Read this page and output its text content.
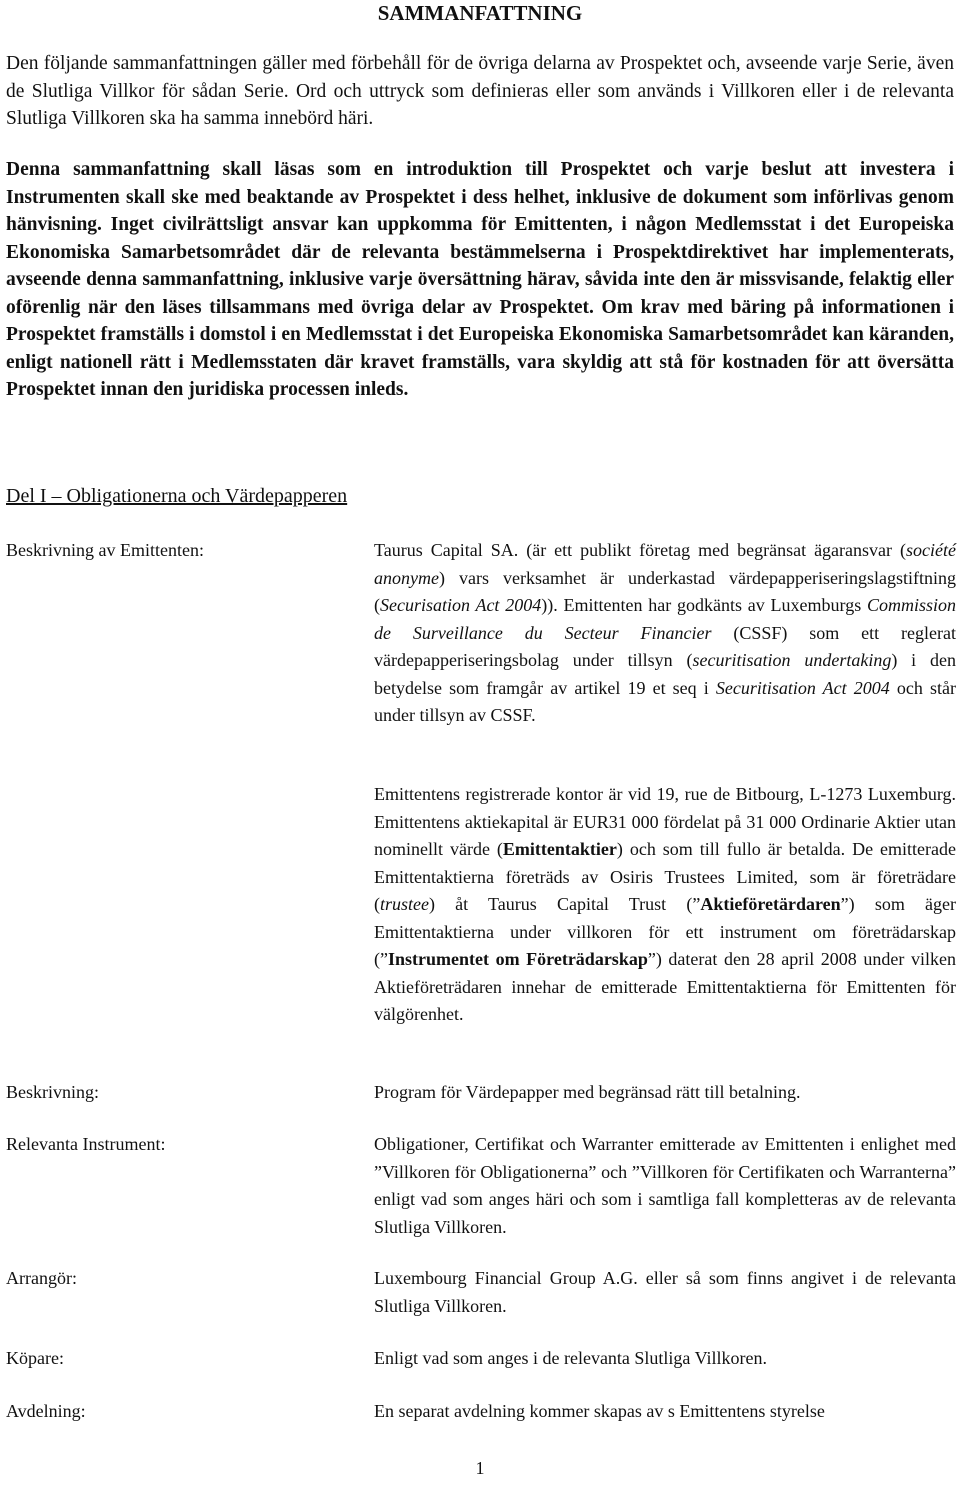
SAMMANFATTNING

Den följande sammanfattningen gäller med förbehåll för de övriga delarna av Prospektet och, avseende varje Serie, även de Slutliga Villkor för sådan Serie. Ord och uttryck som definieras eller som används i Villkoren eller i de relevanta Slutliga Villkoren ska ha samma innebörd häri.

Denna sammanfattning skall läsas som en introduktion till Prospektet och varje beslut att investera i Instrumenten skall ske med beaktande av Prospektet i dess helhet, inklusive de dokument som införlivas genom hänvisning. Inget civilrättsligt ansvar kan uppkomma för Emittenten, i någon Medlemsstat i det Europeiska Ekonomiska Samarbetsområdet där de relevanta bestämmelserna i Prospektdirektivet har implementerats, avseende denna sammanfattning, inklusive varje översättning härav, såvida inte den är missvisande, felaktig eller oförenlig när den läses tillsammans med övriga delar av Prospektet. Om krav med bäring på informationen i Prospektet framställs i domstol i en Medlemsstat i det Europeiska Ekonomiska Samarbetsområdet kan käranden, enligt nationell rätt i Medlemsstaten där kravet framställs, vara skyldig att stå för kostnaden för att översätta Prospektet innan den juridiska processen inleds.

Del I – Obligationerna och Värdepapperen

Beskrivning av Emittenten:	Taurus Capital SA. (är ett publikt företag med begränsat ägaransvar (société anonyme) vars verksamhet är underkastad värdepapperiseringslagstiftning (Securisation Act 2004)). Emittenten har godkänts av Luxemburgs Commission de Surveillance du Secteur Financier (CSSF) som ett reglerat värdepapperiseringsbolag under tillsyn (securitisation undertaking) i den betydelse som framgår av artikel 19 et seq i Securitisation Act 2004 och står under tillsyn av CSSF.

Emittentens registrerade kontor är vid 19, rue de Bitbourg, L-1273 Luxemburg. Emittentens aktiekapital är EUR31 000 fördelat på 31 000 Ordinarie Aktier utan nominellt värde (Emittentaktier) och som till fullo är betalda. De emitterade Emittentaktierna företräds av Osiris Trustees Limited, som är företrädare (trustee) åt Taurus Capital Trust (”Aktieföretärdaren”) som äger Emittentaktierna under villkoren för ett instrument om företrädarskap (”Instrumentet om Företrädarskap”) daterat den 28 april 2008 under vilken Aktieföreträdaren innehar de emitterade Emittentaktierna för Emittenten för välgörenhet.

Beskrivning:	Program för Värdepapper med begränsad rätt till betalning.

Relevanta Instrument:	Obligationer, Certifikat och Warranter emitterade av Emittenten i enlighet med ”Villkoren för Obligationerna” och ”Villkoren för Certifikaten och Warranterna” enligt vad som anges häri och som i samtliga fall kompletteras av de relevanta Slutliga Villkoren.

Arrangör:	Luxembourg Financial Group A.G. eller så som finns angivet i de relevanta Slutliga Villkoren.

Köpare:	Enligt vad som anges i de relevanta Slutliga Villkoren.

Avdelning:	En separat avdelning kommer skapas av s Emittentens styrelse

1
